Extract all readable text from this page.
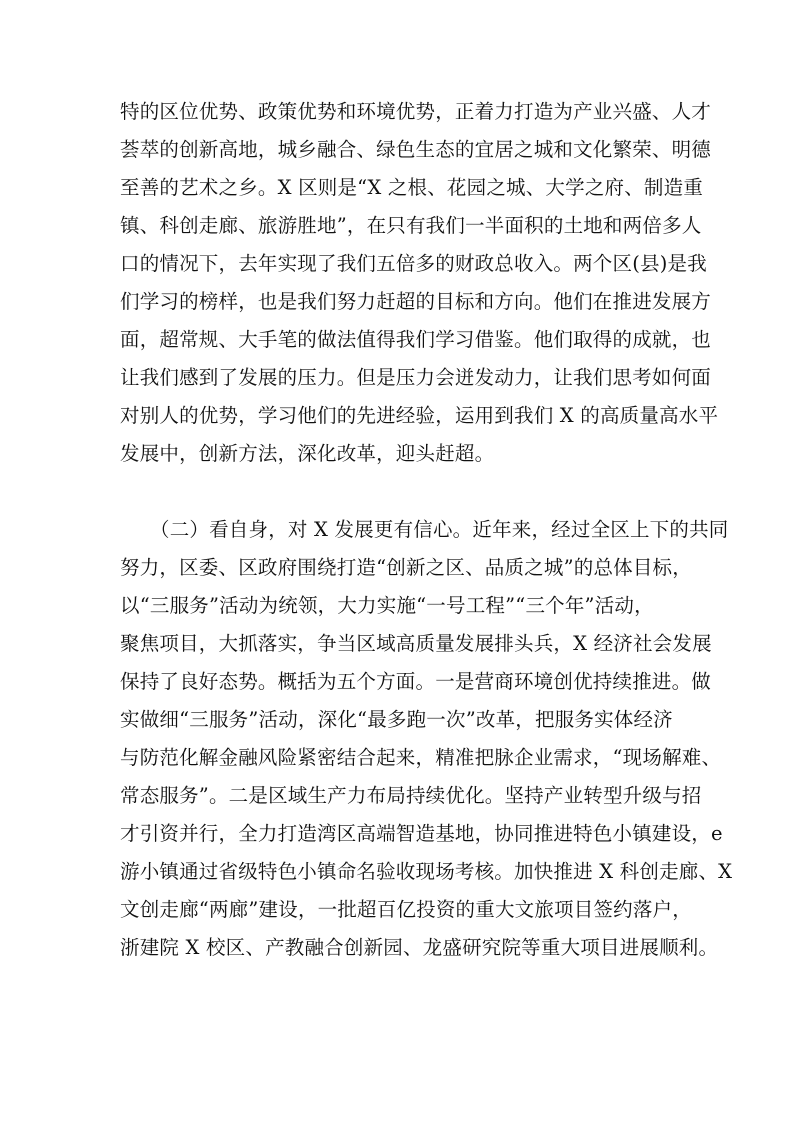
特的区位优势、政策优势和环境优势，正着力打造为产业兴盛、人才
荟萃的创新高地，城乡融合、绿色生态的宜居之城和文化繁荣、明德
至善的艺术之乡。X 区则是“X 之根、花园之城、大学之府、制造重
镇、科创走廊、旅游胜地”，在只有我们一半面积的土地和两倍多人
口的情况下，去年实现了我们五倍多的财政总收入。两个区(县)是我
们学习的榜样，也是我们努力赶超的目标和方向。他们在推进发展方
面，超常规、大手笔的做法值得我们学习借鉴。他们取得的成就，也
让我们感到了发展的压力。但是压力会迸发动力，让我们思考如何面
对别人的优势，学习他们的先进经验，运用到我们 X 的高质量高水平
发展中，创新方法，深化改革，迎头赶超。
（二）看自身，对 X 发展更有信心。近年来，经过全区上下的共同
努力，区委、区政府围绕打造“创新之区、品质之城”的总体目标，
以“三服务”活动为统领，大力实施“一号工程”“三个年”活动，
聚焦项目，大抓落实，争当区域高质量发展排头兵，X 经济社会发展
保持了良好态势。概括为五个方面。一是营商环境创优持续推进。做
实做细“三服务”活动，深化“最多跑一次”改革，把服务实体经济
与防范化解金融风险紧密结合起来，精准把脉企业需求，“现场解难、
常态服务”。二是区域生产力布局持续优化。坚持产业转型升级与招
才引资并行，全力打造湾区高端智造基地，协同推进特色小镇建设，e
游小镇通过省级特色小镇命名验收现场考核。加快推进 X 科创走廊、X
文创走廊“两廊”建设，一批超百亿投资的重大文旅项目签约落户，
浙建院 X 校区、产教融合创新园、龙盛研究院等重大项目进展顺利。
